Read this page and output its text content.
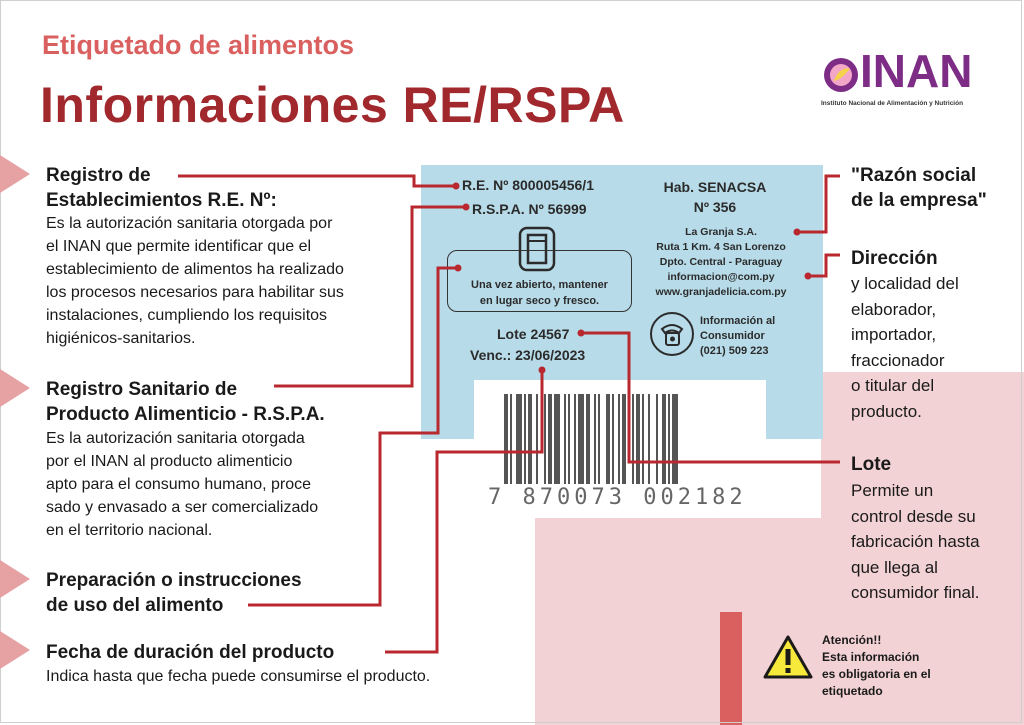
Etiquetado de alimentos
Informaciones RE/RSPA
INAN
Instituto Nacional de Alimentación y Nutrición
Registro de
Establecimientos R.E. Nº:
Es la autorización sanitaria otorgada por
el INAN que permite identificar que el
establecimiento de alimentos ha realizado
los procesos necesarios para habilitar sus
instalaciones, cumpliendo los requisitos
higiénicos-sanitarios.
Registro Sanitario de
Producto Alimenticio - R.S.P.A.
Es la autorización sanitaria otorgada
por el INAN al producto alimenticio
apto para el consumo humano, proce
sado y envasado a ser comercializado
en el territorio nacional.
Preparación o instrucciones
de uso del alimento
Fecha de duración del producto
Indica hasta que fecha puede consumirse el producto.
R.E. Nº 800005456/1
R.S.P.A. Nº 56999
Hab. SENACSA
Nº 356
La Granja S.A.
Ruta 1 Km. 4 San Lorenzo
Dpto. Central - Paraguay
informacion@com.py
www.granjadelicia.com.py
Una vez abierto, mantener
en lugar seco y fresco.
Lote 24567
Venc.: 23/06/2023
Información al
Consumidor
(021) 509 223
7 870073 002182
"Razón social
de la empresa"
Dirección
y localidad del
elaborador,
importador,
fraccionador
o titular del
producto.
Lote
Permite un
control desde su
fabricación hasta
que llega al
consumidor final.
Atención!!
Esta información
es obligatoria en el
etiquetado
